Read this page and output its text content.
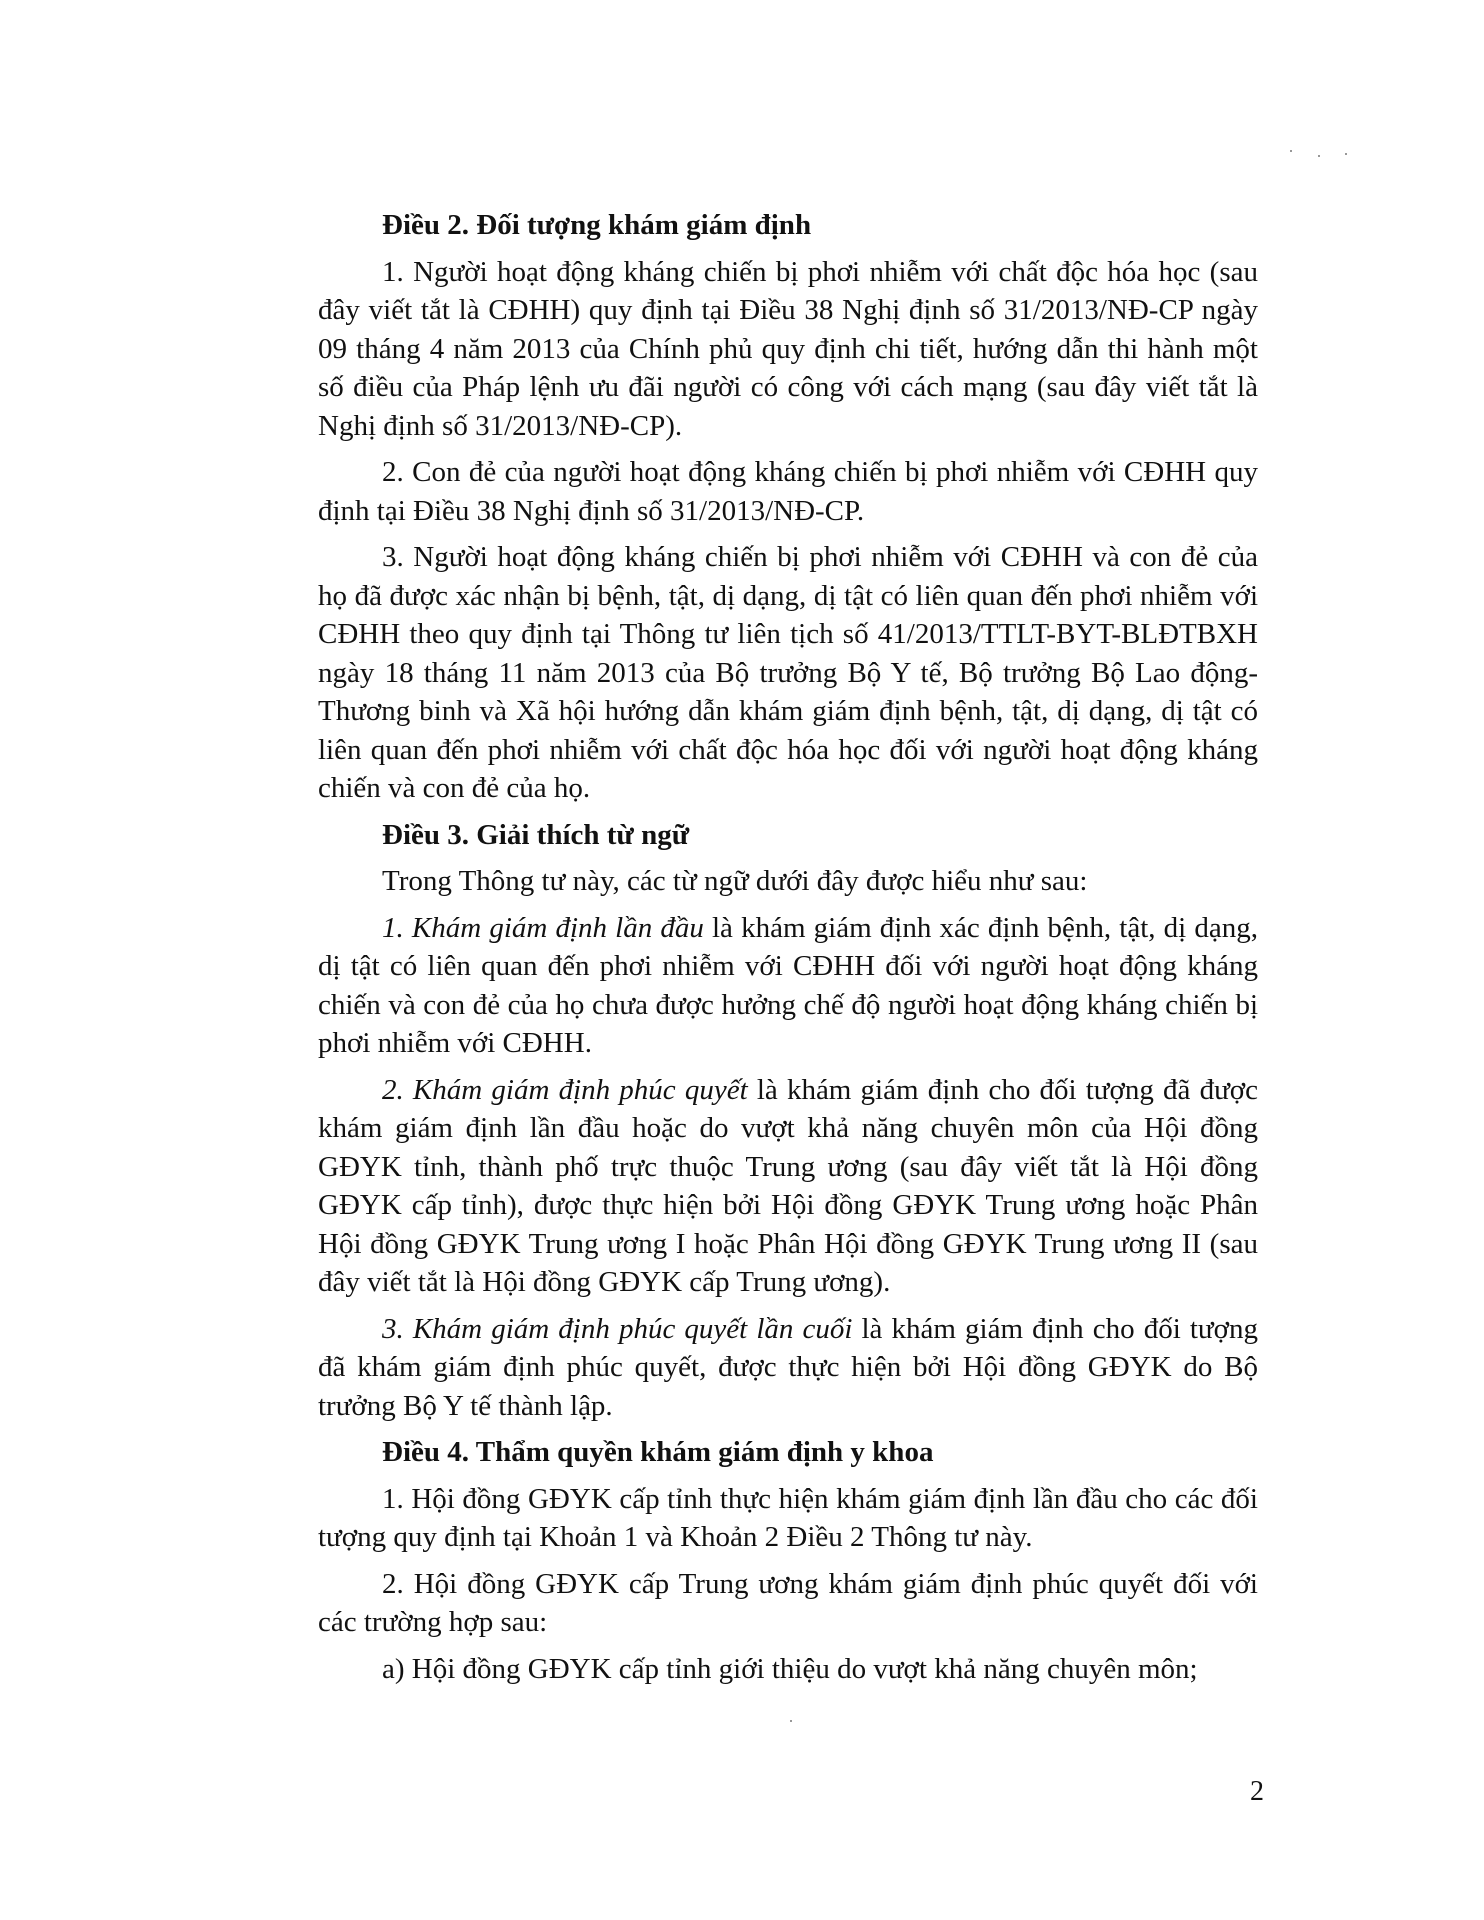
Điều 2. Đối tượng khám giám định

1. Người hoạt động kháng chiến bị phơi nhiễm với chất độc hóa học (sau đây viết tắt là CĐHH) quy định tại Điều 38 Nghị định số 31/2013/NĐ-CP ngày 09 tháng 4 năm 2013 của Chính phủ quy định chi tiết, hướng dẫn thi hành một số điều của Pháp lệnh ưu đãi người có công với cách mạng (sau đây viết tắt là Nghị định số 31/2013/NĐ-CP).

2. Con đẻ của người hoạt động kháng chiến bị phơi nhiễm với CĐHH quy định tại Điều 38 Nghị định số 31/2013/NĐ-CP.

3. Người hoạt động kháng chiến bị phơi nhiễm với CĐHH và con đẻ của họ đã được xác nhận bị bệnh, tật, dị dạng, dị tật có liên quan đến phơi nhiễm với CĐHH theo quy định tại Thông tư liên tịch số 41/2013/TTLT-BYT-BLĐTBXH ngày 18 tháng 11 năm 2013 của Bộ trưởng Bộ Y tế, Bộ trưởng Bộ Lao động- Thương binh và Xã hội hướng dẫn khám giám định bệnh, tật, dị dạng, dị tật có liên quan đến phơi nhiễm với chất độc hóa học đối với người hoạt động kháng chiến và con đẻ của họ.

Điều 3. Giải thích từ ngữ

Trong Thông tư này, các từ ngữ dưới đây được hiểu như sau:

1. Khám giám định lần đầu là khám giám định xác định bệnh, tật, dị dạng, dị tật có liên quan đến phơi nhiễm với CĐHH đối với người hoạt động kháng chiến và con đẻ của họ chưa được hưởng chế độ người hoạt động kháng chiến bị phơi nhiễm với CĐHH.

2. Khám giám định phúc quyết là khám giám định cho đối tượng đã được khám giám định lần đầu hoặc do vượt khả năng chuyên môn của Hội đồng GĐYK tỉnh, thành phố trực thuộc Trung ương (sau đây viết tắt là Hội đồng GĐYK cấp tỉnh), được thực hiện bởi Hội đồng GĐYK Trung ương hoặc Phân Hội đồng GĐYK Trung ương I hoặc Phân Hội đồng GĐYK Trung ương II (sau đây viết tắt là Hội đồng GĐYK cấp Trung ương).

3. Khám giám định phúc quyết lần cuối là khám giám định cho đối tượng đã khám giám định phúc quyết, được thực hiện bởi Hội đồng GĐYK do Bộ trưởng Bộ Y tế thành lập.

Điều 4. Thẩm quyền khám giám định y khoa

1. Hội đồng GĐYK cấp tỉnh thực hiện khám giám định lần đầu cho các đối tượng quy định tại Khoản 1 và Khoản 2 Điều 2 Thông tư này.

2. Hội đồng GĐYK cấp Trung ương khám giám định phúc quyết đối với các trường hợp sau:

a) Hội đồng GĐYK cấp tỉnh giới thiệu do vượt khả năng chuyên môn;

2
